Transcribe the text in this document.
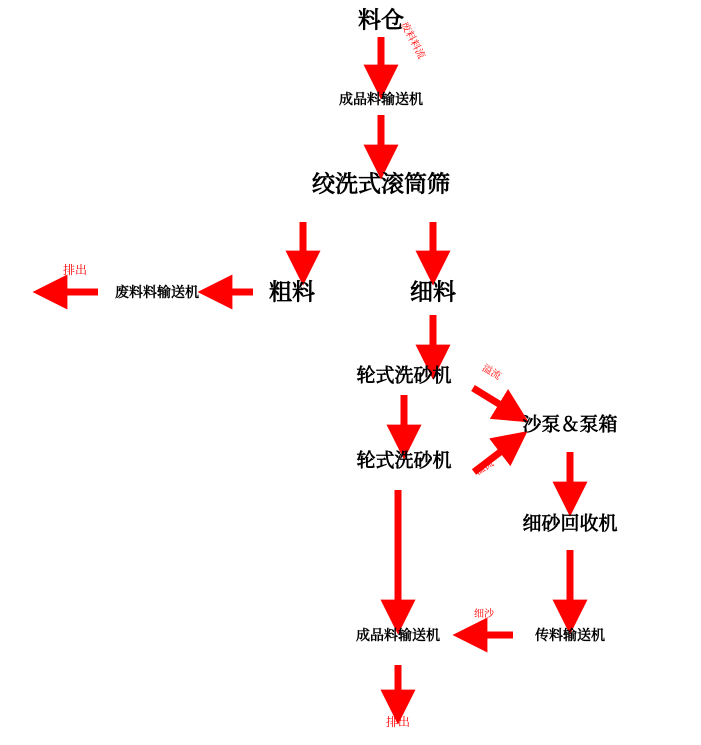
料仓
成品料输送机
绞洗式滚筒筛
粗料	细料
废料料输送机
轮式洗砂机
轮式洗砂机
沙泵＆泵箱
细砂回收机
传料输送机
成品料输送机
废料料流
溢流
溢流
细沙
排出
排出
